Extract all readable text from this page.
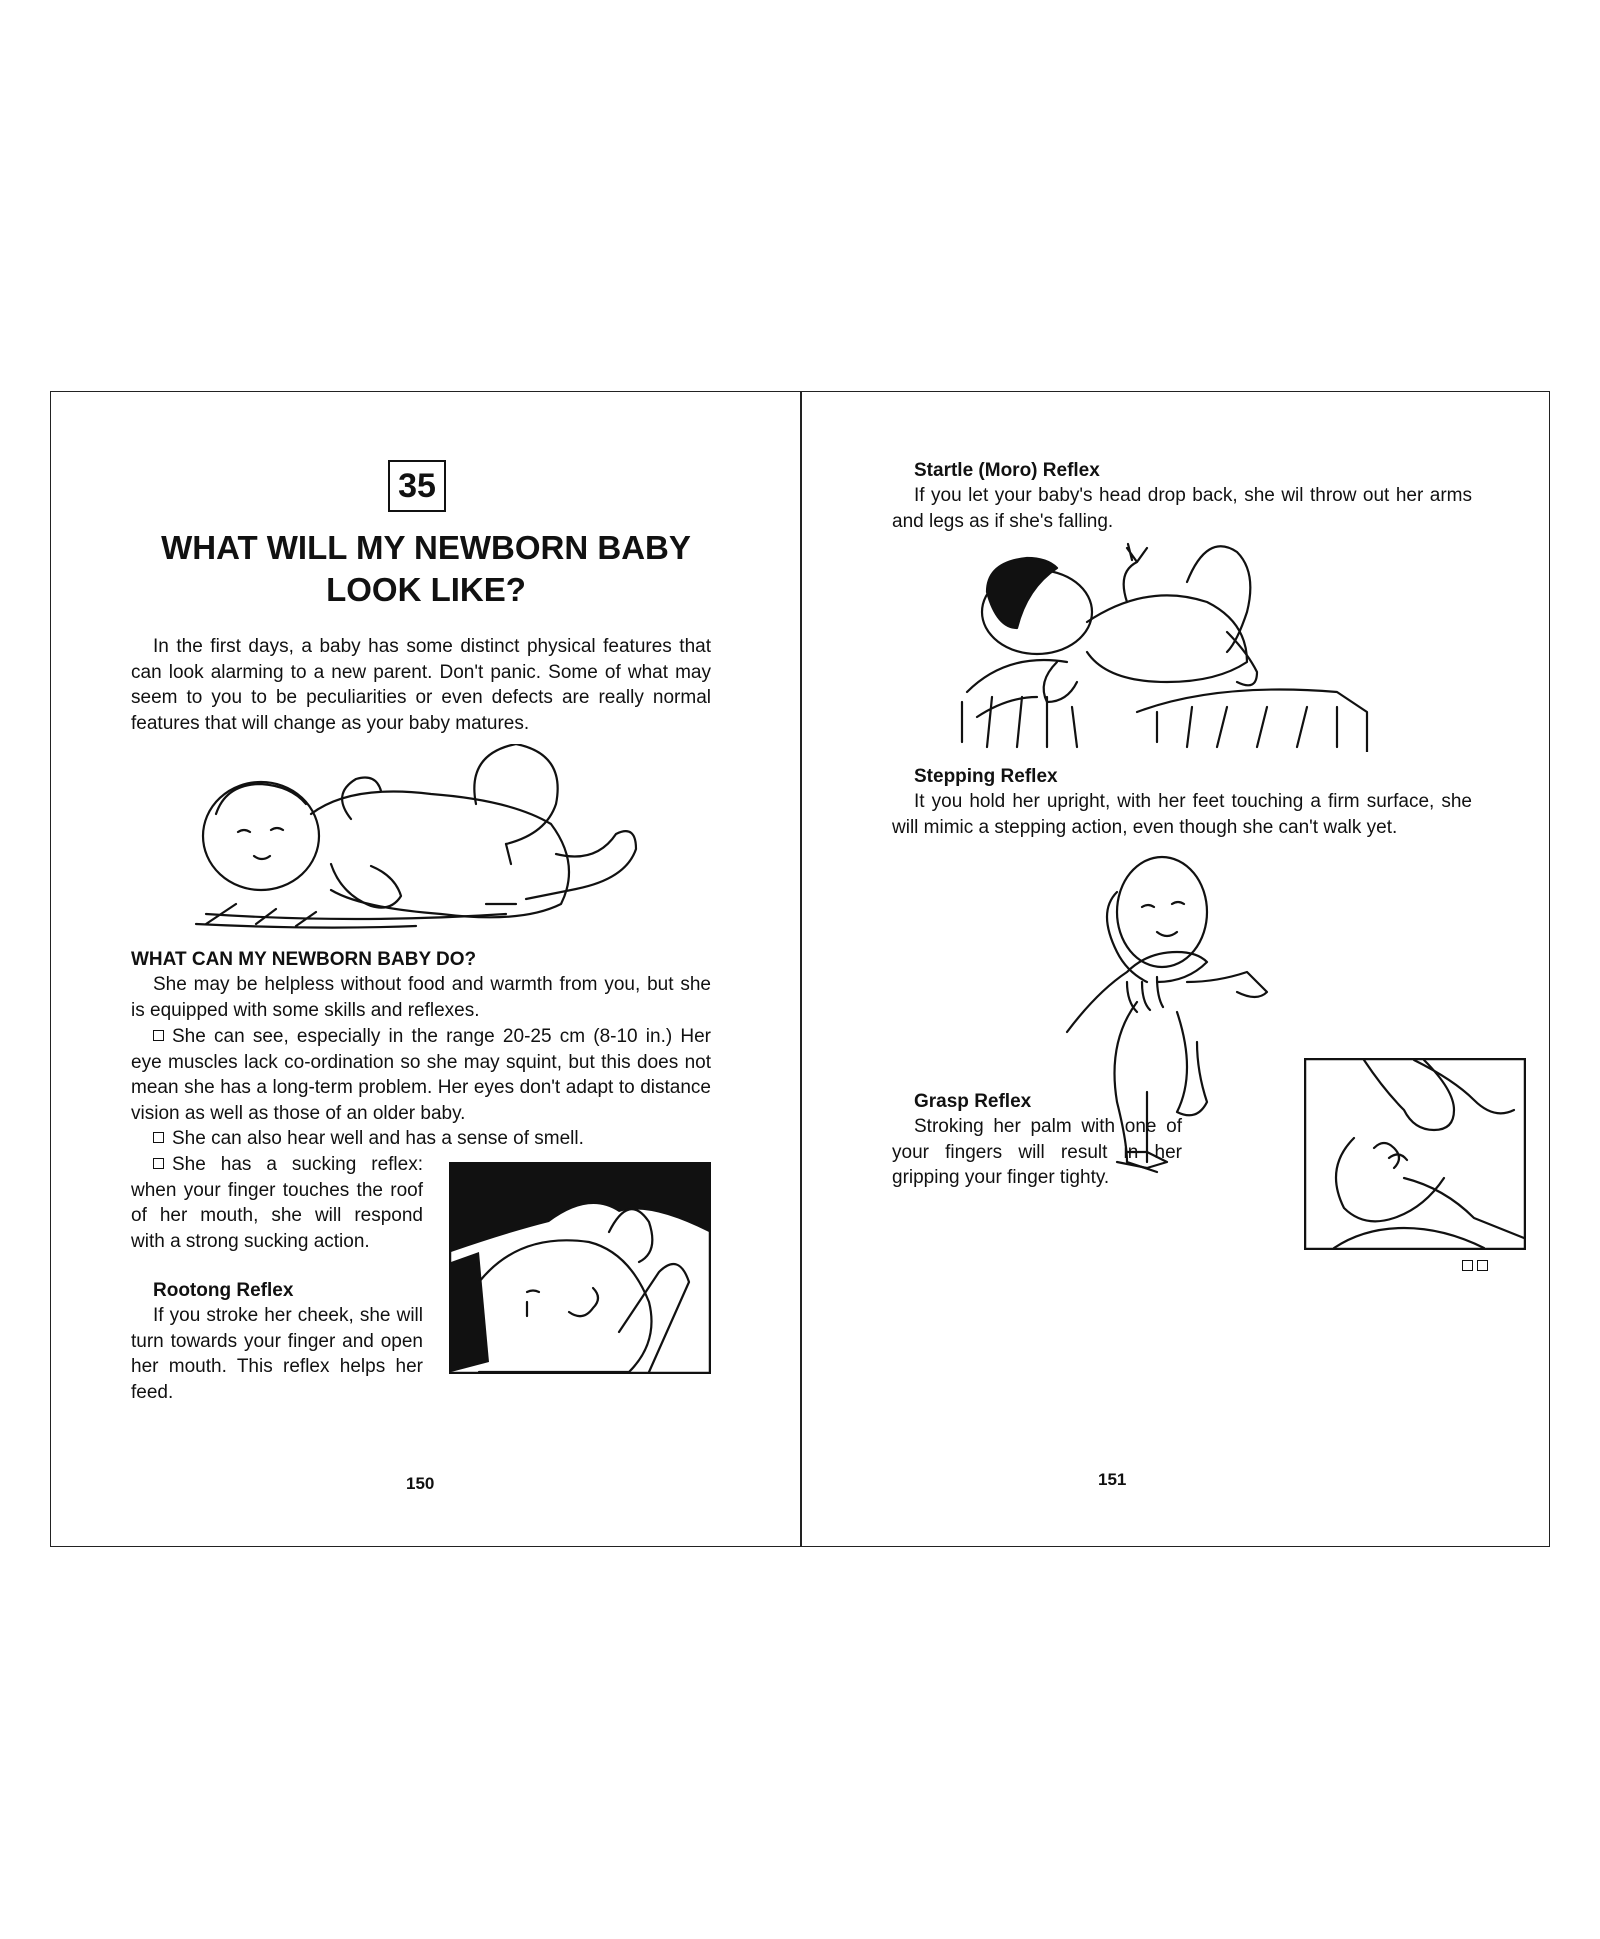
35
WHAT WILL MY NEWBORN BABY LOOK LIKE?

In the first days, a baby has some distinct physical features that can look alarming to a new parent. Don't panic. Some of what may seem to you to be peculiarities or even defects are really normal features that will change as your baby matures.

WHAT CAN MY NEWBORN BABY DO?

She may be helpless without food and warmth from you, but she is equipped with some skills and reflexes.

She can see, especially in the range 20-25 cm (8-10 in.) Her eye muscles lack co-ordination so she may squint, but this does not mean she has a long-term problem. Her eyes don't adapt to distance vision as well as those of an older baby.

She can also hear well and has a sense of smell.

She has a sucking reflex: when your finger touches the roof of her mouth, she will respond with a strong sucking action.

Rootong Reflex

If you stroke her cheek, she will turn towards your finger and open her mouth. This reflex helps her feed.

150
Startle (Moro) Reflex

If you let your baby's head drop back, she wil throw out her arms and legs as if she's falling.

Stepping Reflex

It you hold her upright, with her feet touching a firm surface, she will mimic a stepping action, even though she can't walk yet.

Grasp Reflex

Stroking her palm with one of your fingers will result in her gripping your finger tighty.

151
